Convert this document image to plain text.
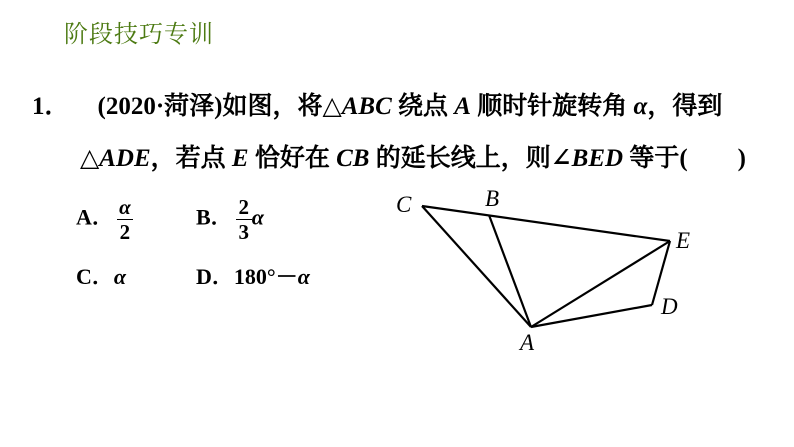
阶段技巧专训
1． (2020·菏泽)如图，将△ABC 绕点 A 顺时针旋转角 α，得到
△ADE，若点 E 恰好在 CB 的延长线上，则∠BED 等于(　　)
A． $\frac{\alpha}{2}$	B． $\frac{2}{3}$ α
C．α	D．180°－α
C	B
E
D
A
